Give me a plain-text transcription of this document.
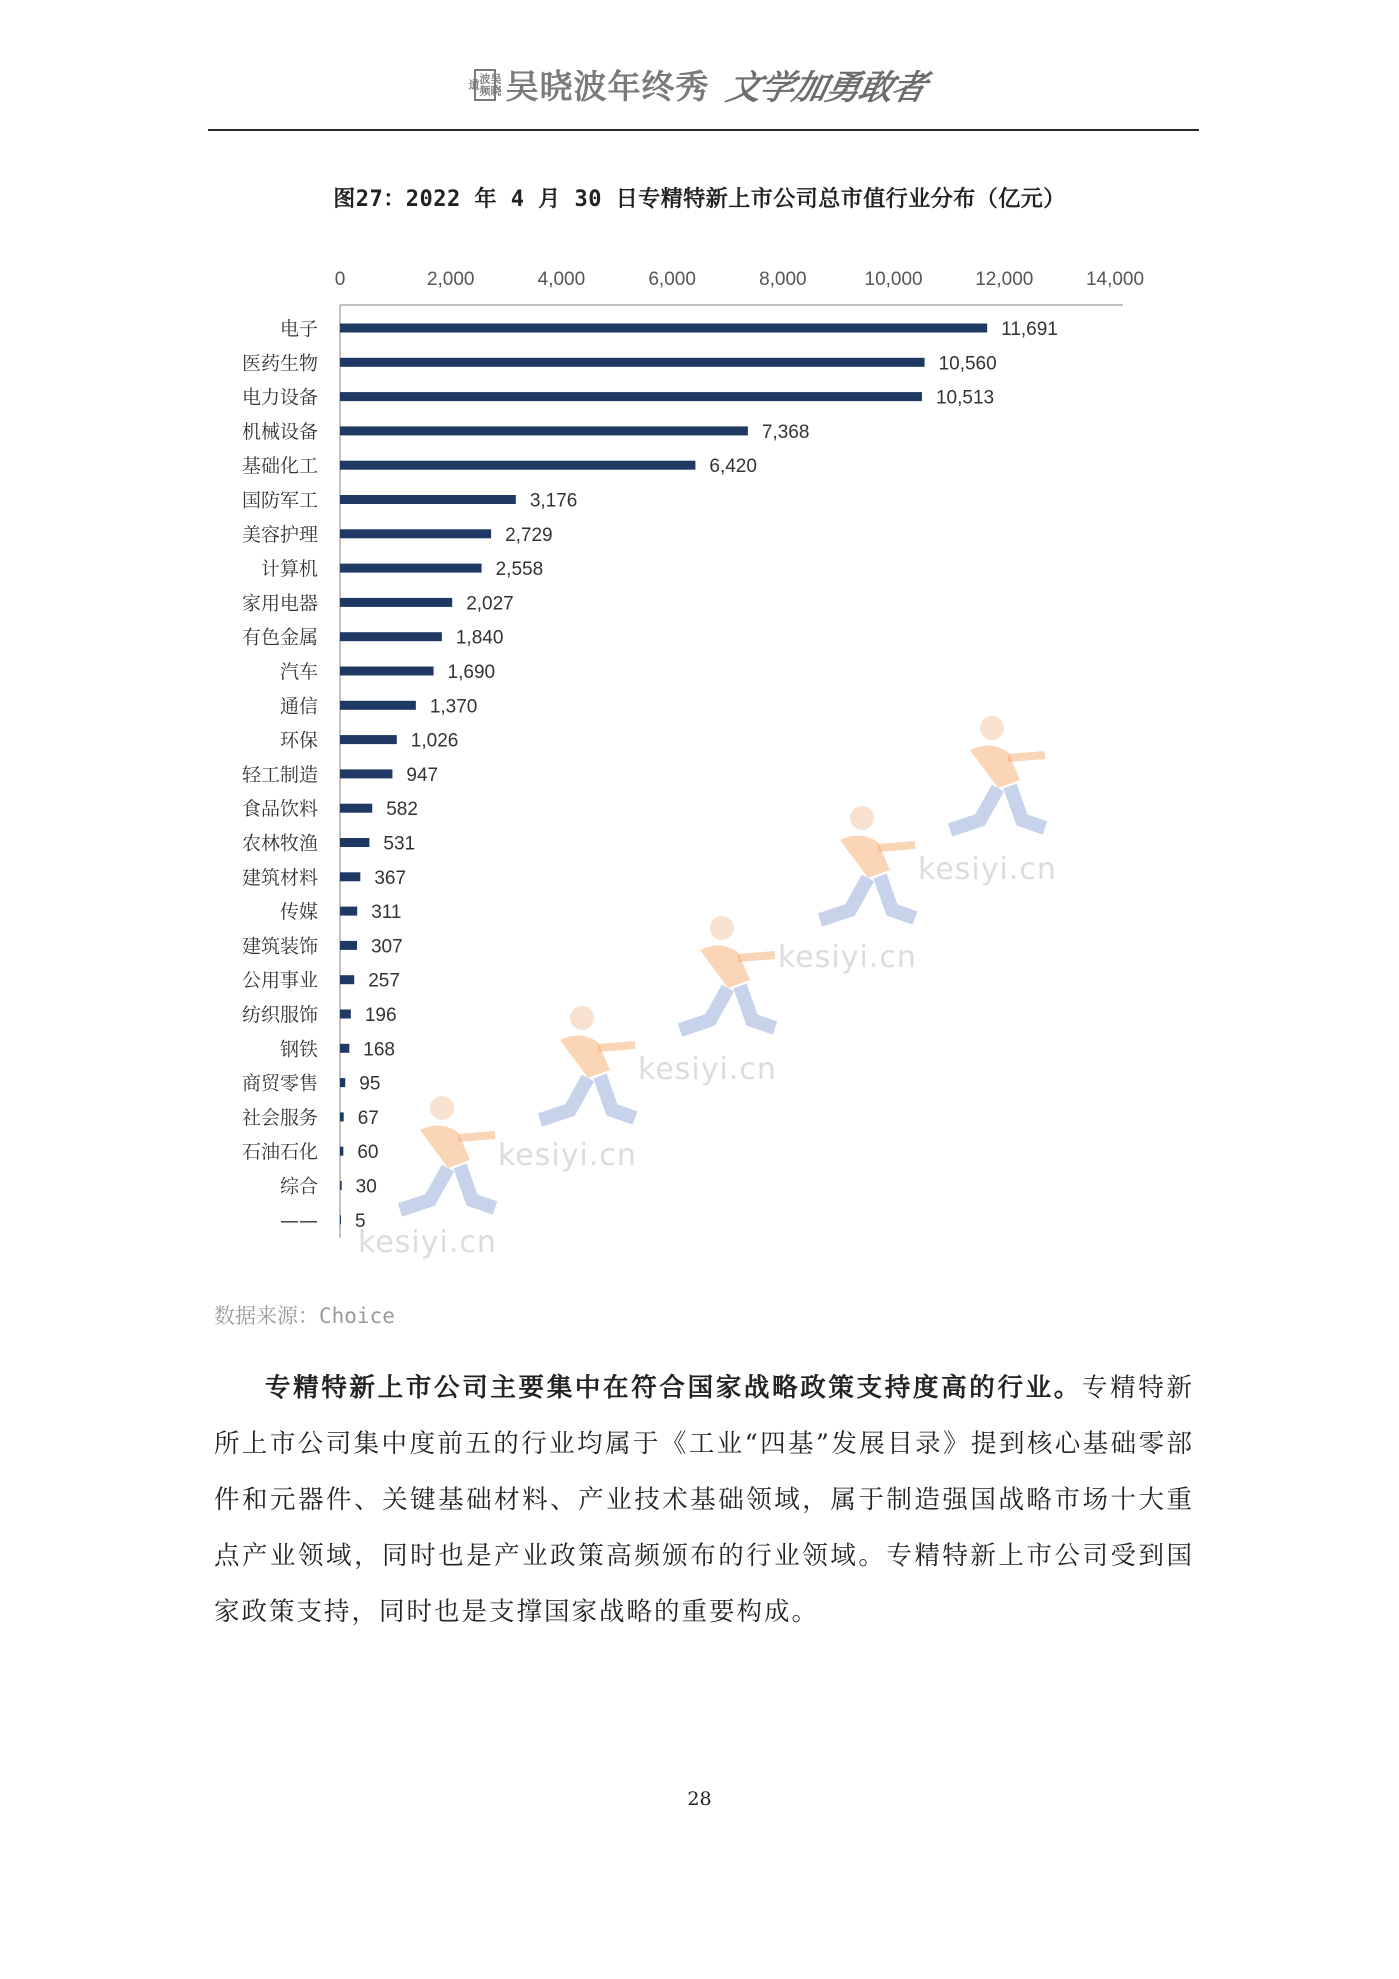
吴晓波频道 吴晓波年终秀 文学加勇敢者
图27：2022 年 4 月 30 日专精特新上市公司总市值行业分布（亿元）
kesiyi.cn
kesiyi.cn
kesiyi.cn
kesiyi.cn
kesiyi.cn
0	2,000	4,000	6,000	8,000	10,000	12,000	14,000
电子	11,691
医药生物	10,560
电力设备	10,513
机械设备	7,368
基础化工	6,420
国防军工	3,176
美容护理	2,729
计算机	2,558
家用电器	2,027
有色金属	1,840
汽车	1,690
通信	1,370
环保	1,026
轻工制造	947
食品饮料	582
农林牧渔	531
建筑材料	367
传媒	311
建筑装饰	307
公用事业	257
纺织服饰 196
钢铁 168
商贸零售 95
社会服务 67
石油石化 60
综合 30
—— 5
数据来源：Choice
专精特新上市公司主要集中在符合国家战略政策支持度高的行业。专精特新所上市公司集中度前五的行业均属于《工业“四基”发展目录》提到核心基础零部件和元器件、关键基础材料、产业技术基础领域，属于制造强国战略市场十大重点产业领域，同时也是产业政策高频颁布的行业领域。专精特新上市公司受到国家政策支持，同时也是支撑国家战略的重要构成。
28
